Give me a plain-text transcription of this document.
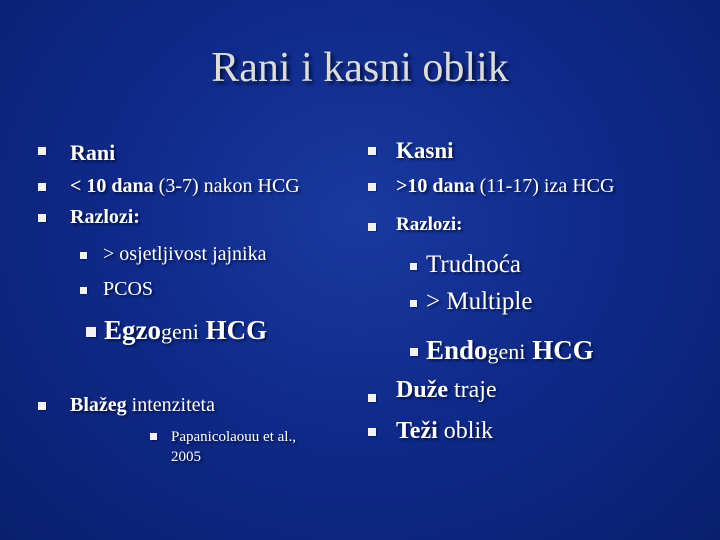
Rani i kasni oblik
Rani
< 10 dana (3-7) nakon HCG
Razlozi:
> osjetljivost jajnika
PCOS
Egzogeni HCG
Blažeg intenziteta
Papanicolaouu et al.,
2005
Kasni
>10 dana (11-17) iza HCG
Razlozi:
Trudnoća
> Multiple
Endogeni HCG
Duže traje
Teži oblik
